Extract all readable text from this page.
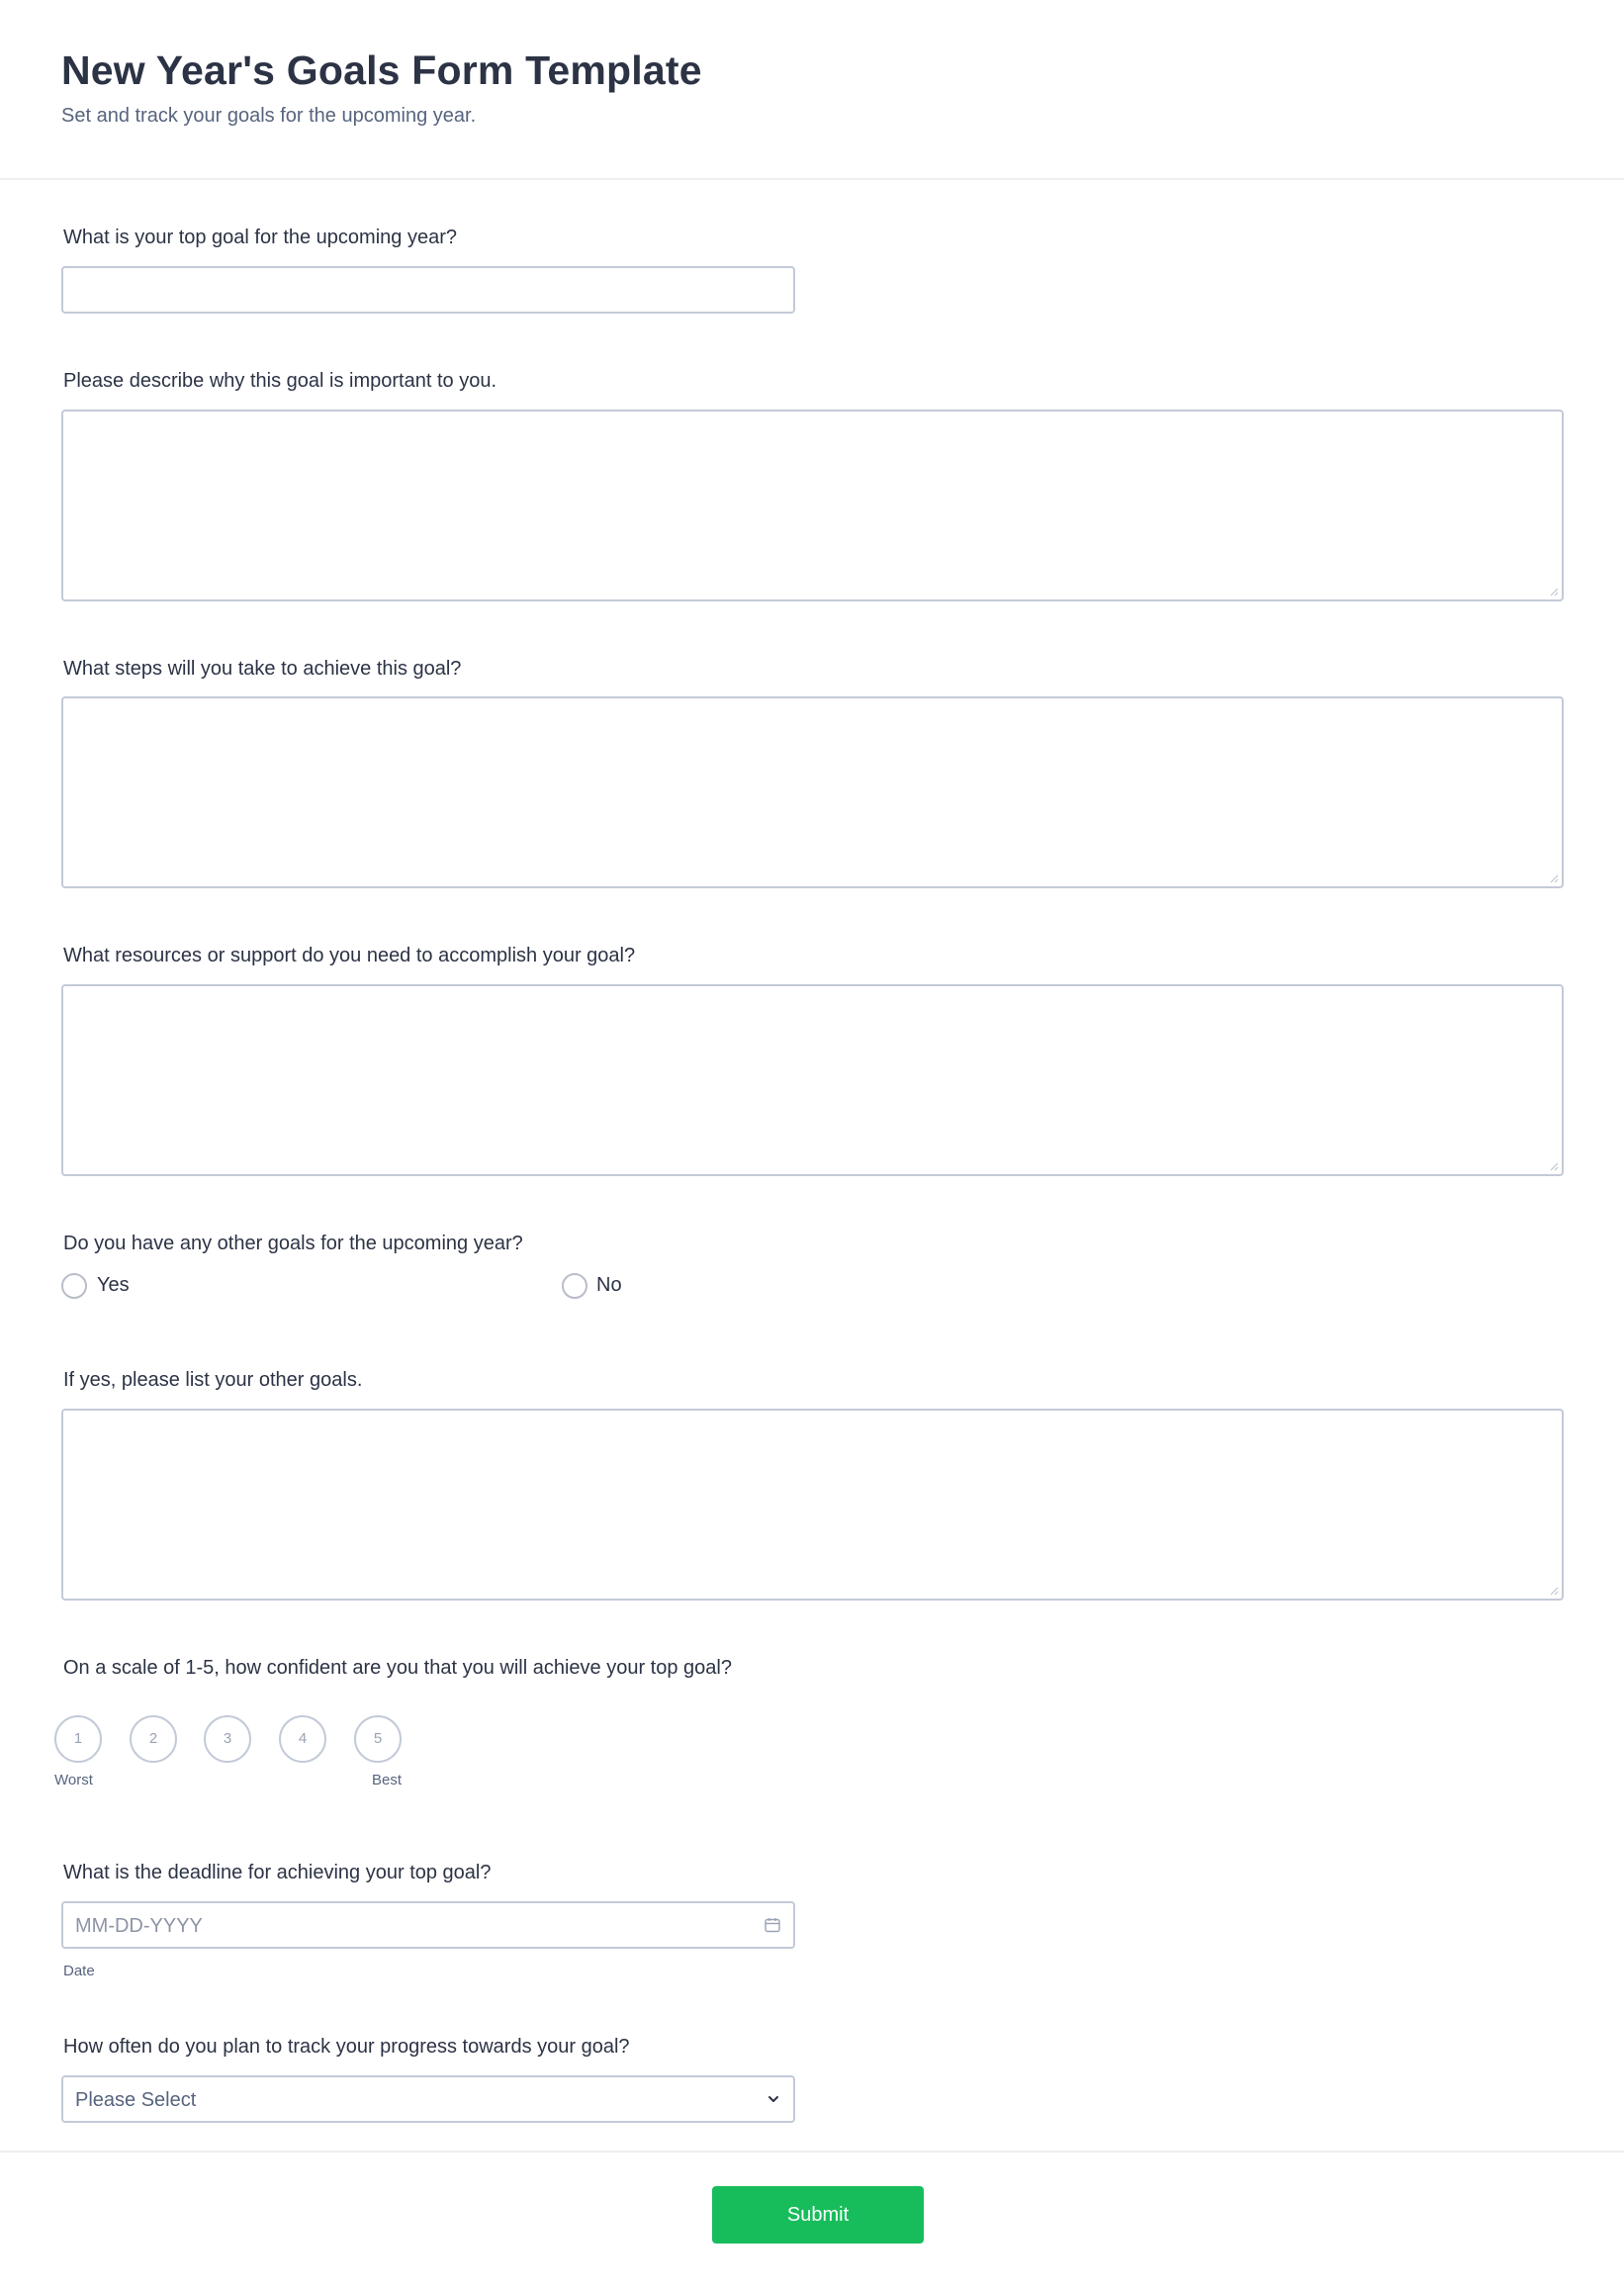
New Year's Goals Form Template
Set and track your goals for the upcoming year.
What is your top goal for the upcoming year?
Please describe why this goal is important to you.
What steps will you take to achieve this goal?
What resources or support do you need to accomplish your goal?
Do you have any other goals for the upcoming year?
Yes	No
If yes, please list your other goals.
On a scale of 1-5, how confident are you that you will achieve your top goal?
1	2	3	4	5
Worst	Best
What is the deadline for achieving your top goal?
MM-DD-YYYY
Date
How often do you plan to track your progress towards your goal?
Please Select
Submit
